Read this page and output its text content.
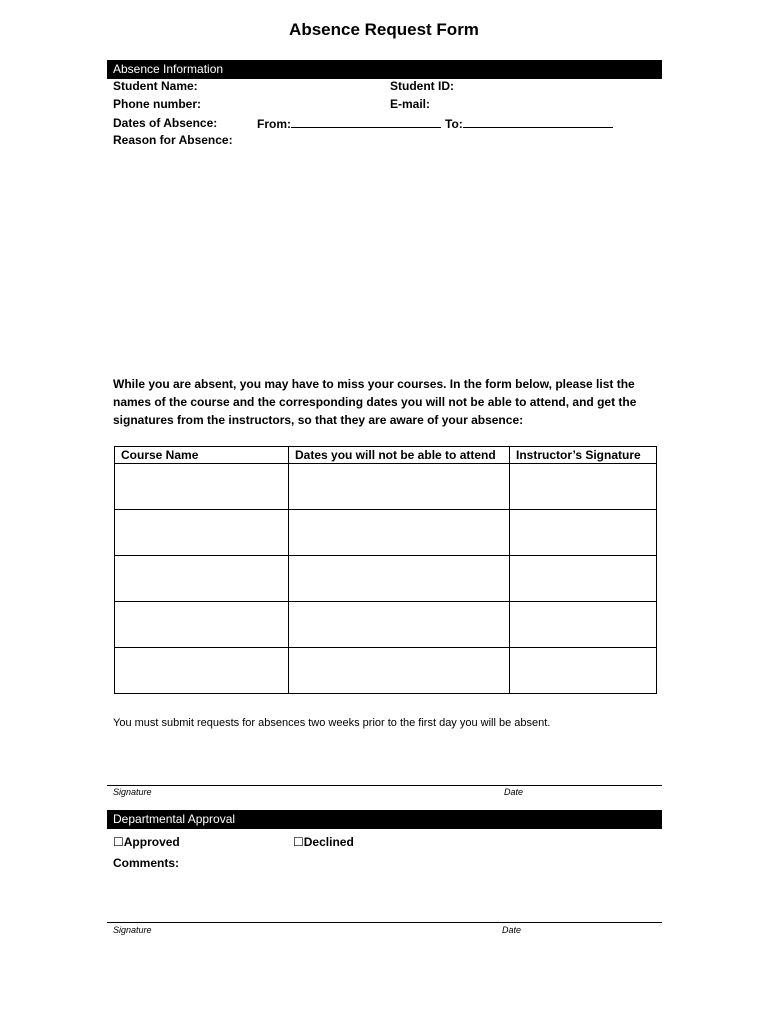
Absence Request Form
Absence Information
Student Name:	Student ID:
Phone number:	E-mail:
Dates of Absence:	From:	To:
Reason for Absence:
While you are absent, you may have to miss your courses. In the form below, please list the names of the course and the corresponding dates you will not be able to attend, and get the signatures from the instructors, so that they are aware of your absence:
Course Name	Dates you will not be able to attend	Instructor’s Signature

You must submit requests for absences two weeks prior to the first day you will be absent.
Signature	Date
Departmental Approval
☐Approved	☐Declined
Comments:
Signature	Date
